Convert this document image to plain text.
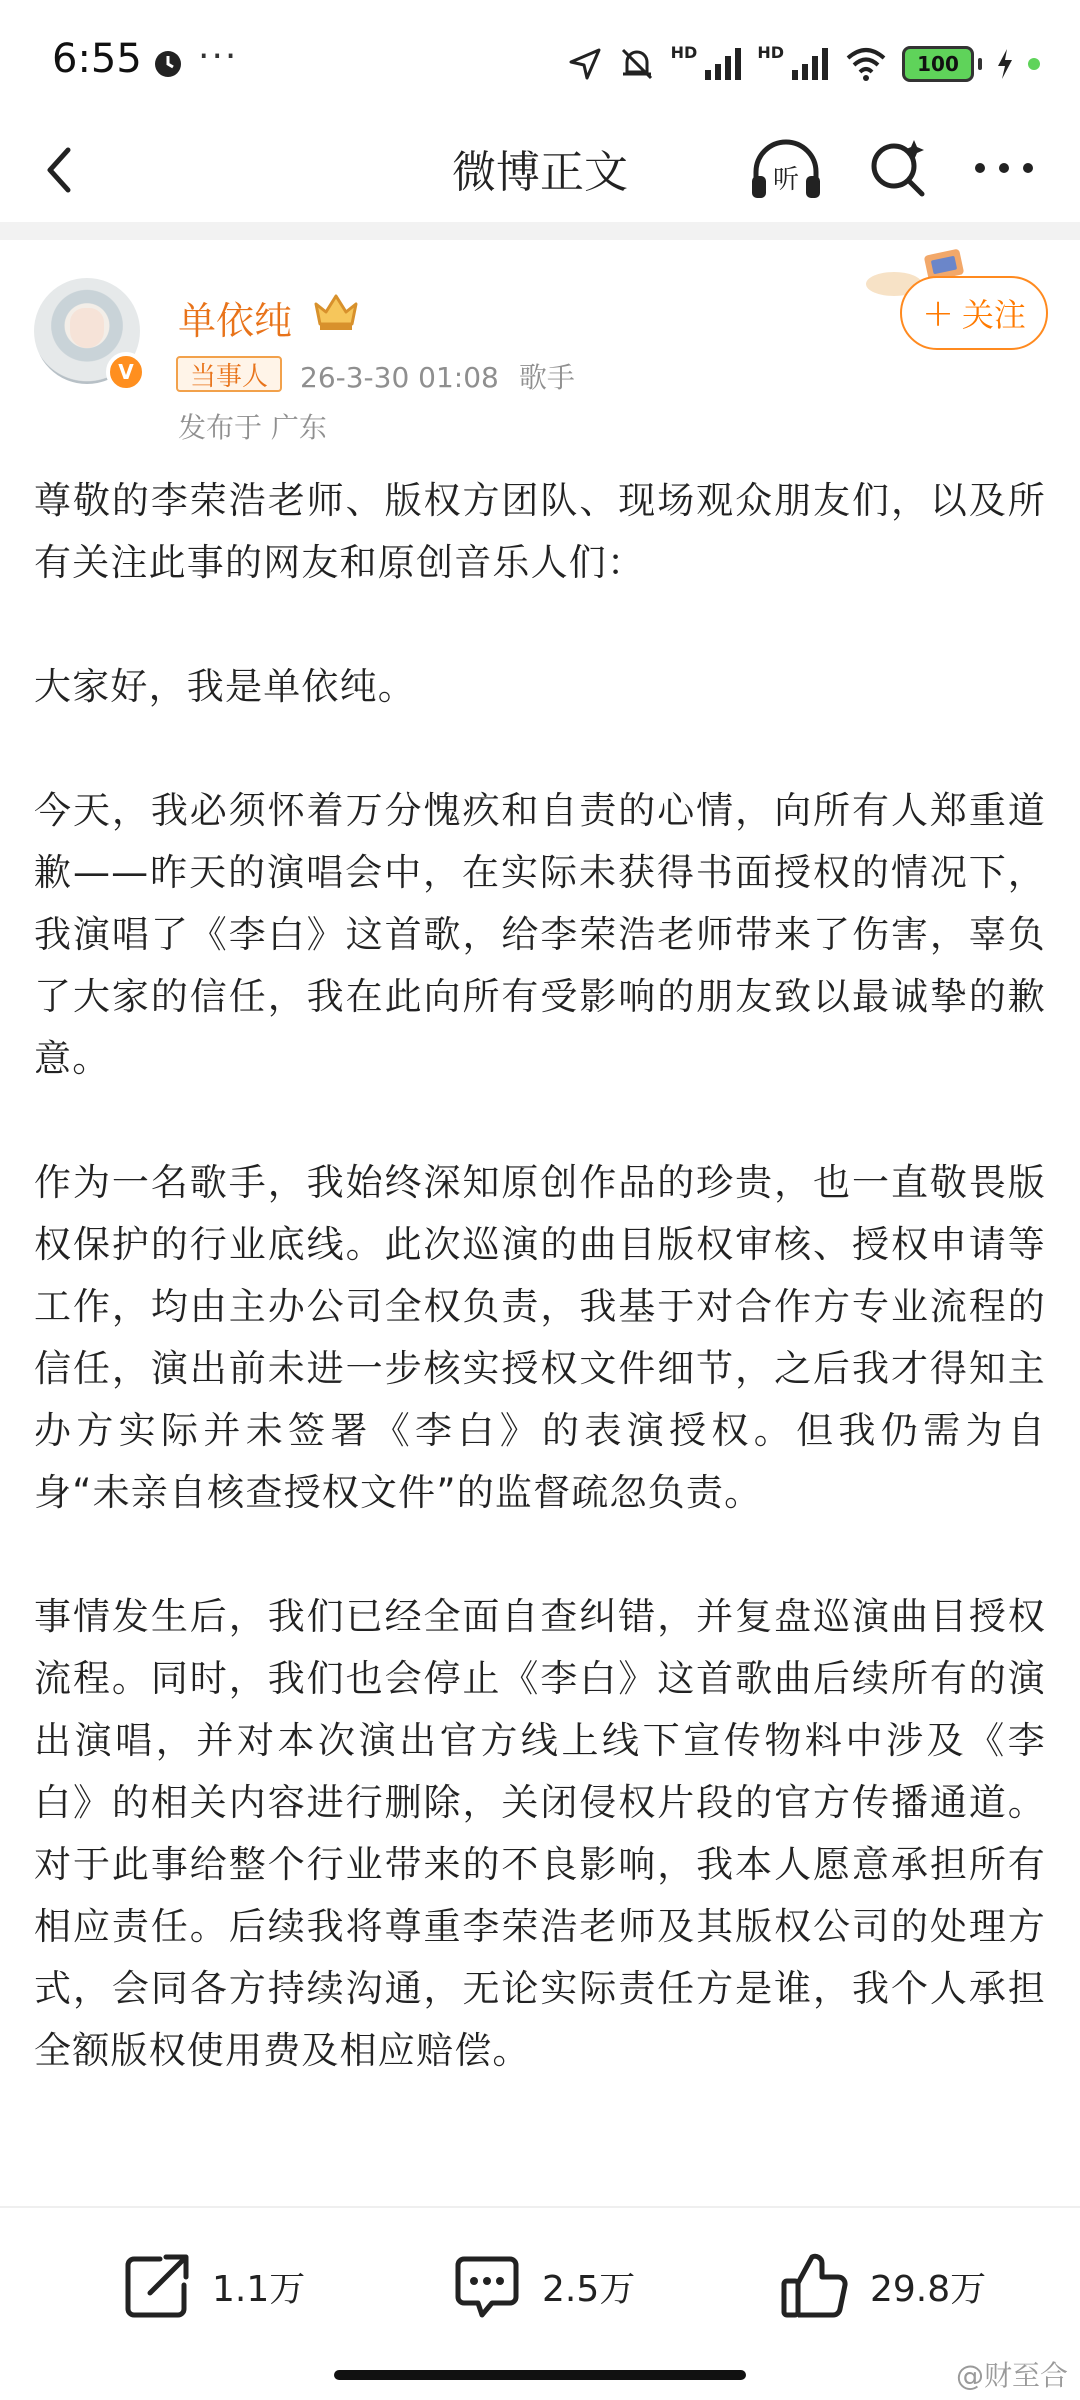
6:55 ···	HD	HD	100
微博正文	听
V
单依纯
当事人	26-3-30 01:08 歌手
发布于 广东
+ 关注

尊敬的李荣浩老师、版权方团队、现场观众朋友们，以及所有关注此事的网友和原创音乐人们：

大家好，我是单依纯。

今天，我必须怀着万分愧疚和自责的心情，向所有人郑重道歉——昨天的演唱会中，在实际未获得书面授权的情况下，我演唱了《李白》这首歌，给李荣浩老师带来了伤害，辜负了大家的信任，我在此向所有受影响的朋友致以最诚挚的歉意。

作为一名歌手，我始终深知原创作品的珍贵，也一直敬畏版权保护的行业底线。此次巡演的曲目版权审核、授权申请等工作，均由主办公司全权负责，我基于对合作方专业流程的信任，演出前未进一步核实授权文件细节，之后我才得知主办方实际并未签署《李白》的表演授权。但我仍需为自身“未亲自核查授权文件”的监督疏忽负责。

事情发生后，我们已经全面自查纠错，并复盘巡演曲目授权流程。同时，我们也会停止《李白》这首歌曲后续所有的演出演唱，并对本次演出官方线上线下宣传物料中涉及《李白》的相关内容进行删除，关闭侵权片段的官方传播通道。对于此事给整个行业带来的不良影响，我本人愿意承担所有相应责任。后续我将尊重李荣浩老师及其版权公司的处理方式，会同各方持续沟通，无论实际责任方是谁，我个人承担全额版权使用费及相应赔偿。

1.1万	2.5万	29.8万
@财至合
